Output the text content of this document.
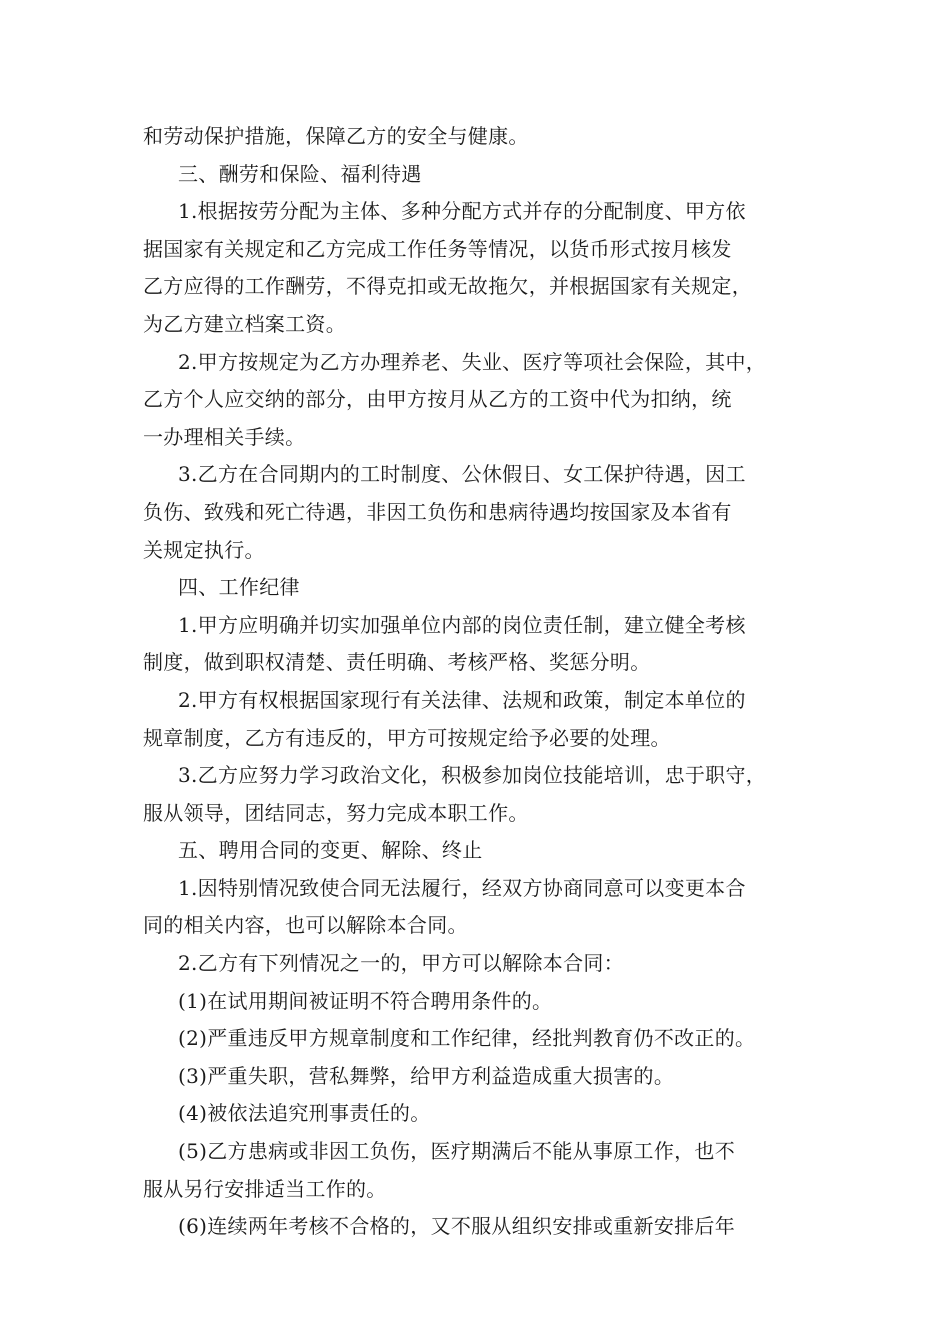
和劳动保护措施，保障乙方的安全与健康。
三、酬劳和保险、福利待遇
1.根据按劳分配为主体、多种分配方式并存的分配制度、甲方依
据国家有关规定和乙方完成工作任务等情况，以货币形式按月核发
乙方应得的工作酬劳，不得克扣或无故拖欠，并根据国家有关规定，
为乙方建立档案工资。
2.甲方按规定为乙方办理养老、失业、医疗等项社会保险，其中，
乙方个人应交纳的部分，由甲方按月从乙方的工资中代为扣纳，统
一办理相关手续。
3.乙方在合同期内的工时制度、公休假日、女工保护待遇，因工
负伤、致残和死亡待遇，非因工负伤和患病待遇均按国家及本省有
关规定执行。
四、工作纪律
1.甲方应明确并切实加强单位内部的岗位责任制，建立健全考核
制度，做到职权清楚、责任明确、考核严格、奖惩分明。
2.甲方有权根据国家现行有关法律、法规和政策，制定本单位的
规章制度，乙方有违反的，甲方可按规定给予必要的处理。
3.乙方应努力学习政治文化，积极参加岗位技能培训，忠于职守，
服从领导，团结同志，努力完成本职工作。
五、聘用合同的变更、解除、终止
1.因特别情况致使合同无法履行，经双方协商同意可以变更本合
同的相关内容，也可以解除本合同。
2.乙方有下列情况之一的，甲方可以解除本合同：
(1)在试用期间被证明不符合聘用条件的。
(2)严重违反甲方规章制度和工作纪律，经批判教育仍不改正的。
(3)严重失职，营私舞弊，给甲方利益造成重大损害的。
(4)被依法追究刑事责任的。
(5)乙方患病或非因工负伤，医疗期满后不能从事原工作，也不
服从另行安排适当工作的。
(6)连续两年考核不合格的，又不服从组织安排或重新安排后年
